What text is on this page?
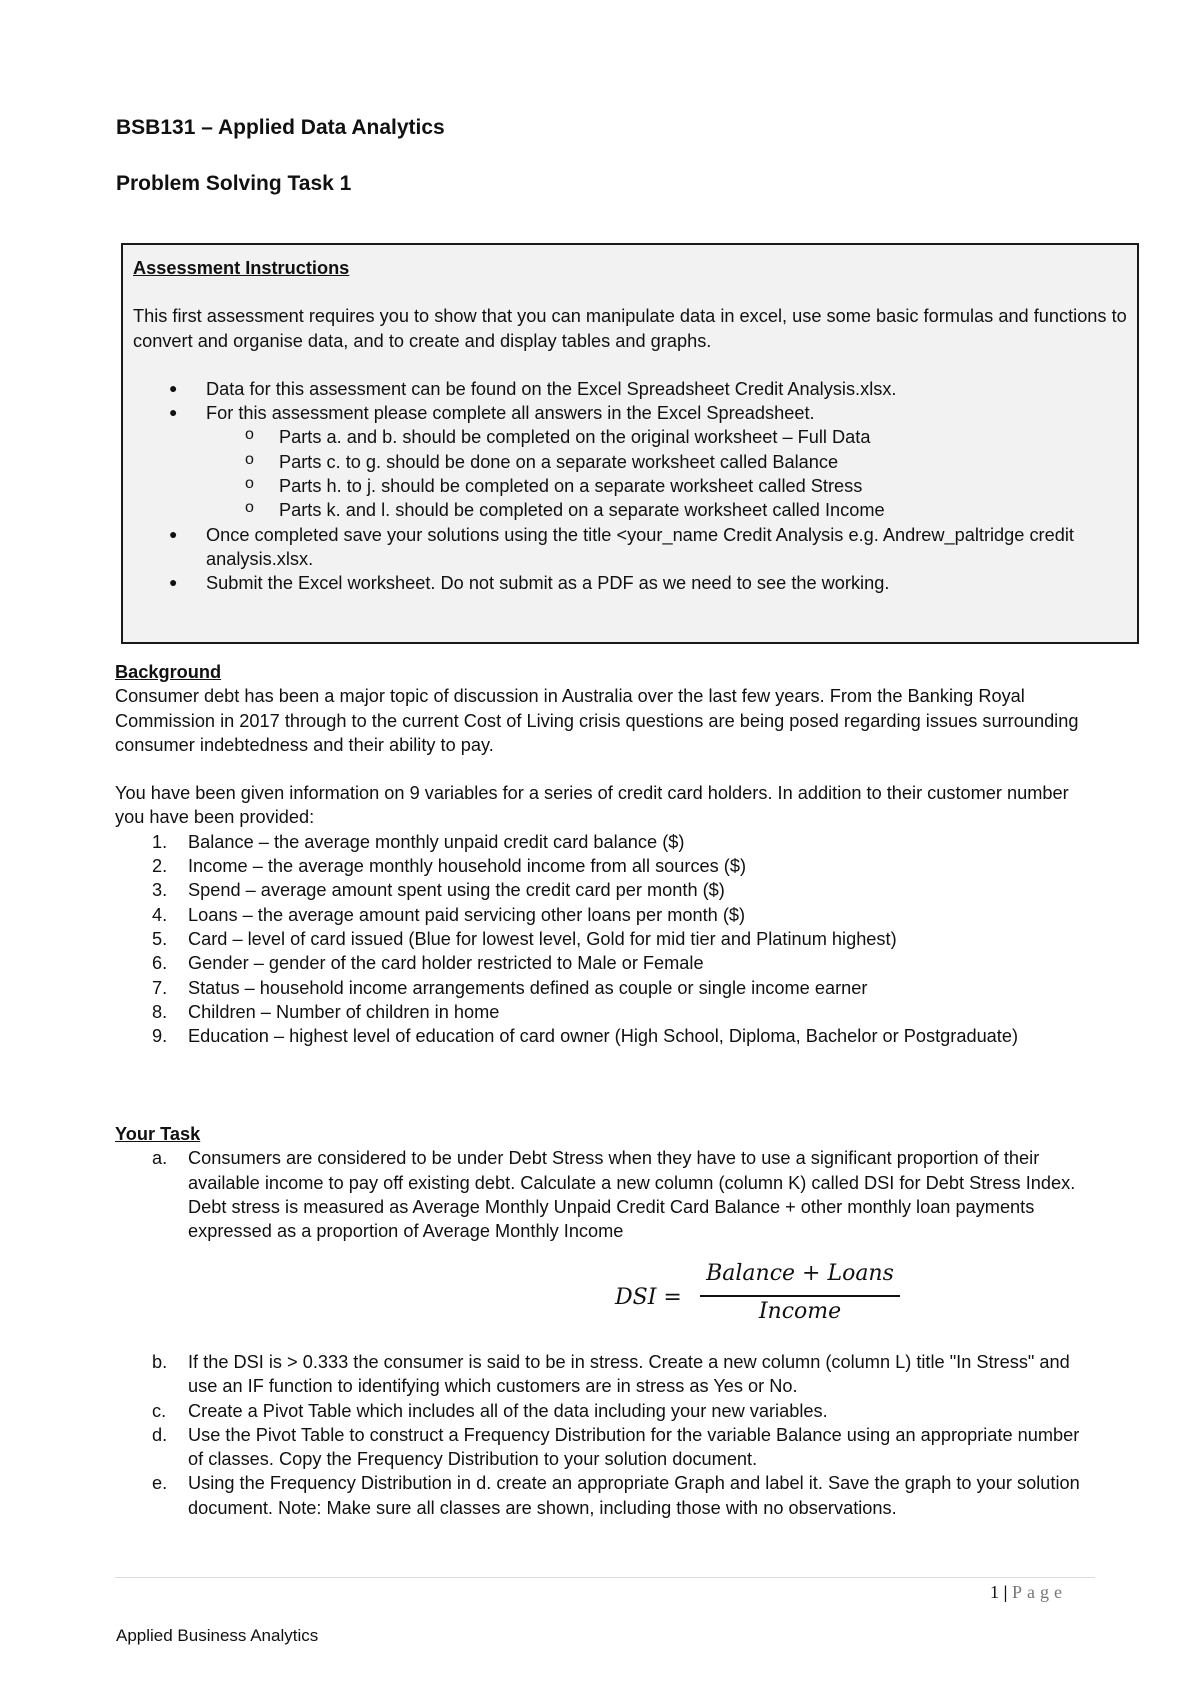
BSB131 – Applied Data Analytics
Problem Solving Task 1
Assessment Instructions
This first assessment requires you to show that you can manipulate data in excel, use some basic formulas and functions to convert and organise data, and to create and display tables and graphs.
● Data for this assessment can be found on the Excel Spreadsheet Credit Analysis.xlsx.
● For this assessment please complete all answers in the Excel Spreadsheet.
o Parts a. and b. should be completed on the original worksheet – Full Data
o Parts c. to g. should be done on a separate worksheet called Balance
o Parts h. to j. should be completed on a separate worksheet called Stress
o Parts k. and l. should be completed on a separate worksheet called Income
● Once completed save your solutions using the title <your_name Credit Analysis e.g. Andrew_paltridge credit analysis.xlsx.
● Submit the Excel worksheet. Do not submit as a PDF as we need to see the working.
Background
Consumer debt has been a major topic of discussion in Australia over the last few years. From the Banking Royal Commission in 2017 through to the current Cost of Living crisis questions are being posed regarding issues surrounding consumer indebtedness and their ability to pay.
You have been given information on 9 variables for a series of credit card holders. In addition to their customer number you have been provided:
1. Balance – the average monthly unpaid credit card balance ($)
2. Income – the average monthly household income from all sources ($)
3. Spend – average amount spent using the credit card per month ($)
4. Loans – the average amount paid servicing other loans per month ($)
5. Card – level of card issued (Blue for lowest level, Gold for mid tier and Platinum highest)
6. Gender – gender of the card holder restricted to Male or Female
7. Status – household income arrangements defined as couple or single income earner
8. Children – Number of children in home
9. Education – highest level of education of card owner (High School, Diploma, Bachelor or Postgraduate)
Your Task
a. Consumers are considered to be under Debt Stress when they have to use a significant proportion of their available income to pay off existing debt. Calculate a new column (column K) called DSI for Debt Stress Index. Debt stress is measured as Average Monthly Unpaid Credit Card Balance + other monthly loan payments expressed as a proportion of Average Monthly Income
DSI =
Balance + Loans
Income
b. If the DSI is > 0.333 the consumer is said to be in stress. Create a new column (column L) title "In Stress" and use an IF function to identifying which customers are in stress as Yes or No.
c. Create a Pivot Table which includes all of the data including your new variables.
d. Use the Pivot Table to construct a Frequency Distribution for the variable Balance using an appropriate number of classes. Copy the Frequency Distribution to your solution document.
e. Using the Frequency Distribution in d. create an appropriate Graph and label it. Save the graph to your solution document. Note: Make sure all classes are shown, including those with no observations.
1 | Page
Applied Business Analytics
